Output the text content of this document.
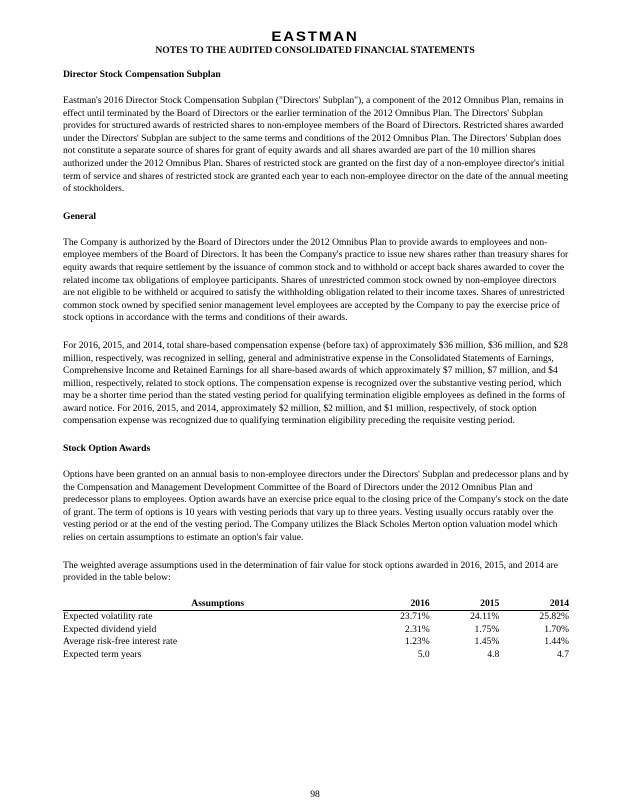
EASTMAN
NOTES TO THE AUDITED CONSOLIDATED FINANCIAL STATEMENTS

Director Stock Compensation Subplan

Eastman's 2016 Director Stock Compensation Subplan ("Directors' Subplan"), a component of the 2012 Omnibus Plan, remains in effect until terminated by the Board of Directors or the earlier termination of the 2012 Omnibus Plan. The Directors' Subplan provides for structured awards of restricted shares to non-employee members of the Board of Directors. Restricted shares awarded under the Directors' Subplan are subject to the same terms and conditions of the 2012 Omnibus Plan. The Directors' Subplan does not constitute a separate source of shares for grant of equity awards and all shares awarded are part of the 10 million shares authorized under the 2012 Omnibus Plan. Shares of restricted stock are granted on the first day of a non-employee director's initial term of service and shares of restricted stock are granted each year to each non-employee director on the date of the annual meeting of stockholders.

General

The Company is authorized by the Board of Directors under the 2012 Omnibus Plan to provide awards to employees and non-employee members of the Board of Directors. It has been the Company's practice to issue new shares rather than treasury shares for equity awards that require settlement by the issuance of common stock and to withhold or accept back shares awarded to cover the related income tax obligations of employee participants. Shares of unrestricted common stock owned by non-employee directors are not eligible to be withheld or acquired to satisfy the withholding obligation related to their income taxes. Shares of unrestricted common stock owned by specified senior management level employees are accepted by the Company to pay the exercise price of stock options in accordance with the terms and conditions of their awards.

For 2016, 2015, and 2014, total share-based compensation expense (before tax) of approximately $36 million, $36 million, and $28 million, respectively, was recognized in selling, general and administrative expense in the Consolidated Statements of Earnings, Comprehensive Income and Retained Earnings for all share-based awards of which approximately $7 million, $7 million, and $4 million, respectively, related to stock options. The compensation expense is recognized over the substantive vesting period, which may be a shorter time period than the stated vesting period for qualifying termination eligible employees as defined in the forms of award notice. For 2016, 2015, and 2014, approximately $2 million, $2 million, and $1 million, respectively, of stock option compensation expense was recognized due to qualifying termination eligibility preceding the requisite vesting period.

Stock Option Awards

Options have been granted on an annual basis to non-employee directors under the Directors' Subplan and predecessor plans and by the Compensation and Management Development Committee of the Board of Directors under the 2012 Omnibus Plan and predecessor plans to employees. Option awards have an exercise price equal to the closing price of the Company's stock on the date of grant. The term of options is 10 years with vesting periods that vary up to three years. Vesting usually occurs ratably over the vesting period or at the end of the vesting period. The Company utilizes the Black Scholes Merton option valuation model which relies on certain assumptions to estimate an option's fair value.

The weighted average assumptions used in the determination of fair value for stock options awarded in 2016, 2015, and 2014 are provided in the table below:

Assumptions	2016		2015		2014
Expected volatility rate	23.71%		24.11%		25.82%
Expected dividend yield	2.31%		1.75%		1.70%
Average risk-free interest rate	1.23%		1.45%		1.44%
Expected term years	5.0		4.8		4.7
98
